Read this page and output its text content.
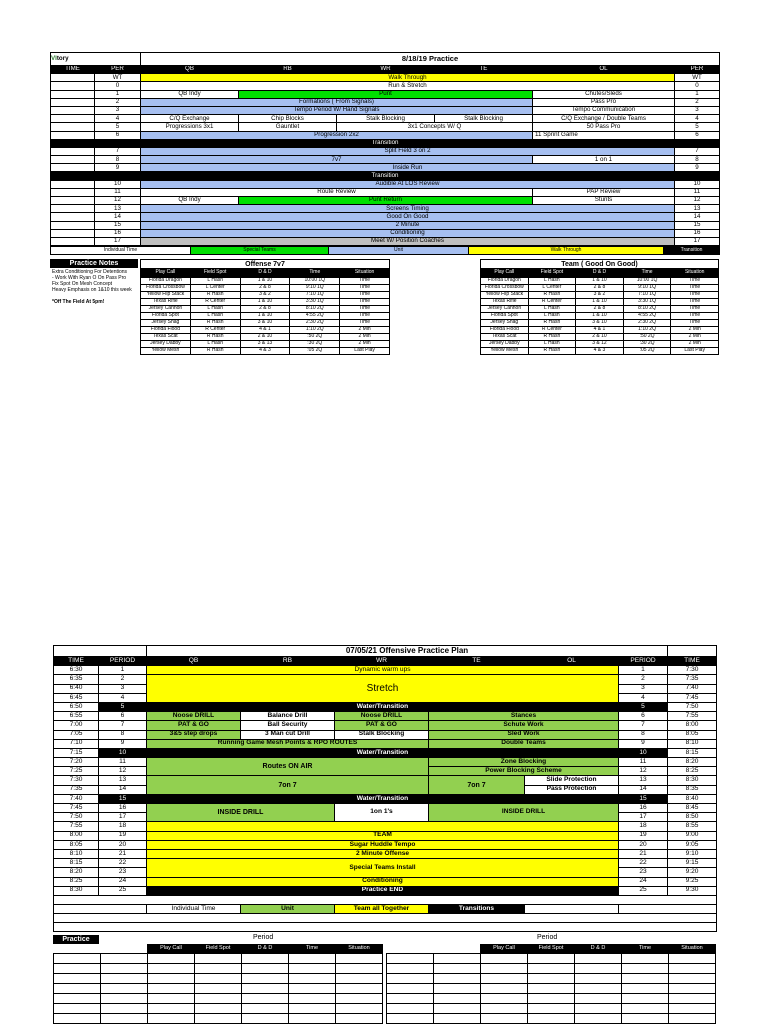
VItory		8/18/19 Practice					

TIME	PER	QB	RB	WR	TE	OL	PER
	WT	Walk Through					WT
	0	Run & Stretch					0
	1	QB Indy	Punt			Chutes/Sleds	1
	2	Formations ( From Signals)				Pass Pro	2
	3	Tempo Period W/ Hand Signals				Tempo Communication	3
	4	C/Q Exchange	Chip Blocks	Stalk Blocking	Stalk Blocking	C/Q Exchange / Double Teams	4
	5	Progressions 3x1	Gauntlet	3x1 Concepts W/ Q		50 Pass Pro	5
	6	Progression 2x2				11 Sprint Game	6
Transition							
	7	Split Field 3 on 2					7
	8	7v7				1 on 1	8
	9	Inside Run					9
Transition							
	10	Audible At LOS Review					10
	11	Route Review				PAP Review	11
	12	QB Indy	Punt Return			Stunts	12
	13	Screens Timing					13
	14	Good On Good					14
	15	2 Minute					15
	16	Conditioning					16
	17	Meet W/ Position Coaches					17
Individual Time	Special Teams	Unit	Walk Through	Transition
Practice Notes
Extra Conditioning For Detentions
- Work With Ryan O On Pass Pro
Fix Spot On Mesh Concept
Heavy Emphasis on 1&10 this week
*Off The Field At 5pm!
Offense 7v7				
Play Call	Field Spot	D & D	Time	Situation
Florida Dragon	L Hash	1 & 10	10:00 1Q	Time
Florida Crossbow	L Center	2 & 8	9:10 1Q	Time
Yellow Flip Stack	R Hash	3 & 2	7:10 1Q	Time
Texas Rifle	R Center	1 & 10	3:30 1Q	Time
Jersey Cannon	L Hash	2 & 8	8:10 2Q	Time
Florida Spot	L Hash	1 & 10	4:55 2Q	Time
Jersey Snag	R Hash	3 & 10	2:30 2Q	Time
Florida Flood	R Center	4 & 1	1:10 2Q	2 Min
Texas Scat	R Hash	2 & 10	:50 2Q	2 Min
Jersey Dabby	L Hash	3 & 13	:30 2Q	2 Min
Yellow Mesh	R Hash	4 & 3	:05 2Q	Last Play
Team ( Good On Good)				
Play Call	Field Spot	D & D	Time	Situation
Florida Dragon	L Hash	1 & 10	10:00 1Q	Time
Florida Crossbow	L Center	2 & 8	9:10 1Q	Time
Yellow Flip Stack	R Hash	3 & 2	7:10 1Q	Time
Texas Rifle	R Center	1 & 10	3:30 1Q	Time
Jersey Cannon	L Hash	2 & 8	8:10 2Q	Time
Florida Spot	L Hash	1 & 10	4:55 2Q	Time
Jersey Snag	R Hash	3 & 10	2:30 2Q	Time
Florida Flood	R Center	4 & 1	1:10 2Q	2 Min
Texas Scat	R Hash	2 & 10	:50 2Q	2 Min
Jersey Dabby	L Hash	3 & 12	:30 2Q	2 Min
Yellow Mesh	R Hash	4 & 3	:05 2Q	Last Play
		07/05/21 Offensive Practice Plan						
TIME	PERIOD	QB	RB	WR	TE	OL	PERIOD	TIME
6:30	1	Dynamic warm ups					1	7:30
6:35	2	Stretch					2	7:35
6:40	3						3	7:40
6:45	4						4	7:45
6:50	5	Water/Transition					5	7:50
6:55	6	Noose DRILL	Balance Drill	Noose DRILL	Stances		6	7:55
7:00	7	PAT & GO	Ball Security	PAT & GO	Schute Work		7	8:00
7:05	8	3&5 step drops	3 Man cut Drill	Stalk Blocking	Sled Work		8	8:05
7:10	9	Running Game Mesh Points & RPO ROUTES			Double Teams		9	8:10
7:15	10	Water/Transition					10	8:15
7:20	11	Routes ON AIR			Zone Blocking		11	8:20
7:25	12				Power Blocking Scheme		12	8:25
7:30	13	7on 7			7on 7	Slide Protection	13	8:30
7:35	14					Pass Protection	14	8:35
7:40	15	Water/Transition					15	8:40
7:45	16	INSIDE DRILL		1on 1's	INSIDE DRILL		16	8:45
7:50	17						17	8:50
7:55	18						18	8:55
8:00	19	TEAM					19	9:00
8:05	20	Sugar Huddle Tempo					20	9:05
8:10	21	2 Minute Offense					21	9:10
8:15	22	Special Teams Install					22	9:15
8:20	23						23	9:20
8:25	24	Conditioning					24	9:25
8:30	25	Practice END					25	9:30

		Individual Time	Unit	Team all Together	Transitions			

Practice	Period	Period
		Play Call	Field Spot	D & D	Time	Situation

		Play Call	Field Spot	D & D	Time	Situation
